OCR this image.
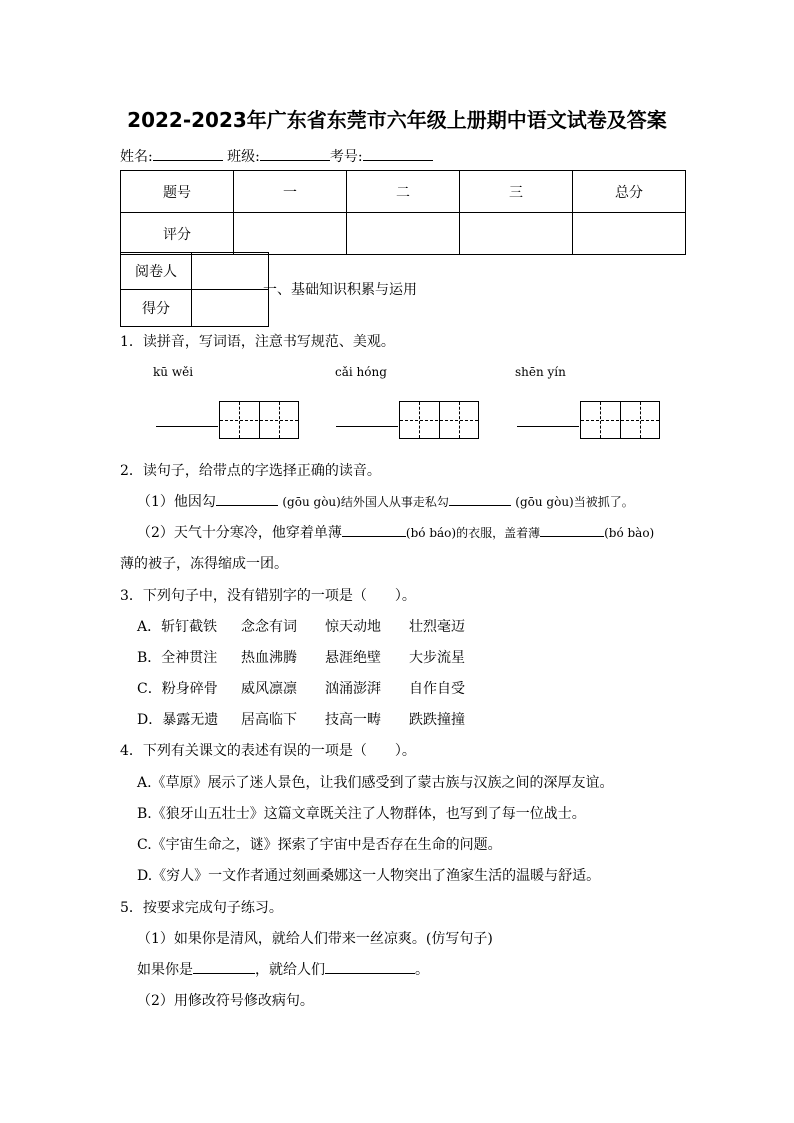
2022-2023年广东省东莞市六年级上册期中语文试卷及答案
姓名:	班级:	考号:
题号	一	二	三	总分
评分				
阅卷人	
得分	
一、基础知识积累与运用
1．读拼音，写词语，注意书写规范、美观。
kū wěi	cǎi hóng	shēn yín
2．读句子，给带点的字选择正确的读音。
（1）他因勾	(gōu gòu)结外国人从事走私勾	(gōu gòu)当被抓了。
（2）天气十分寒冷，他穿着单薄	(bó báo)的衣服，盖着薄	(bó bào)
薄的被子，冻得缩成一团。
3．下列句子中，没有错别字的一项是（　　）。
A．斩钉截铁 念念有词 惊天动地 壮烈毫迈
B．全神贯注 热血沸腾 悬涯绝壁 大步流星
C．粉身碎骨 威风凛凛 汹涌澎湃 自作自受
D．暴露无遗 居高临下 技高一畴 跌跌撞撞
4．下列有关课文的表述有误的一项是（　　）。
A.《草原》展示了迷人景色，让我们感受到了蒙古族与汉族之间的深厚友谊。
B.《狼牙山五壮士》这篇文章既关注了人物群体，也写到了每一位战士。
C.《宇宙生命之，谜》探索了宇宙中是否存在生命的问题。
D.《穷人》一文作者通过刻画桑娜这一人物突出了渔家生活的温暖与舒适。
5．按要求完成句子练习。
（1）如果你是清风，就给人们带来一丝凉爽。(仿写句子)
如果你是	，就给人们	。
（2）用修改符号修改病句。
